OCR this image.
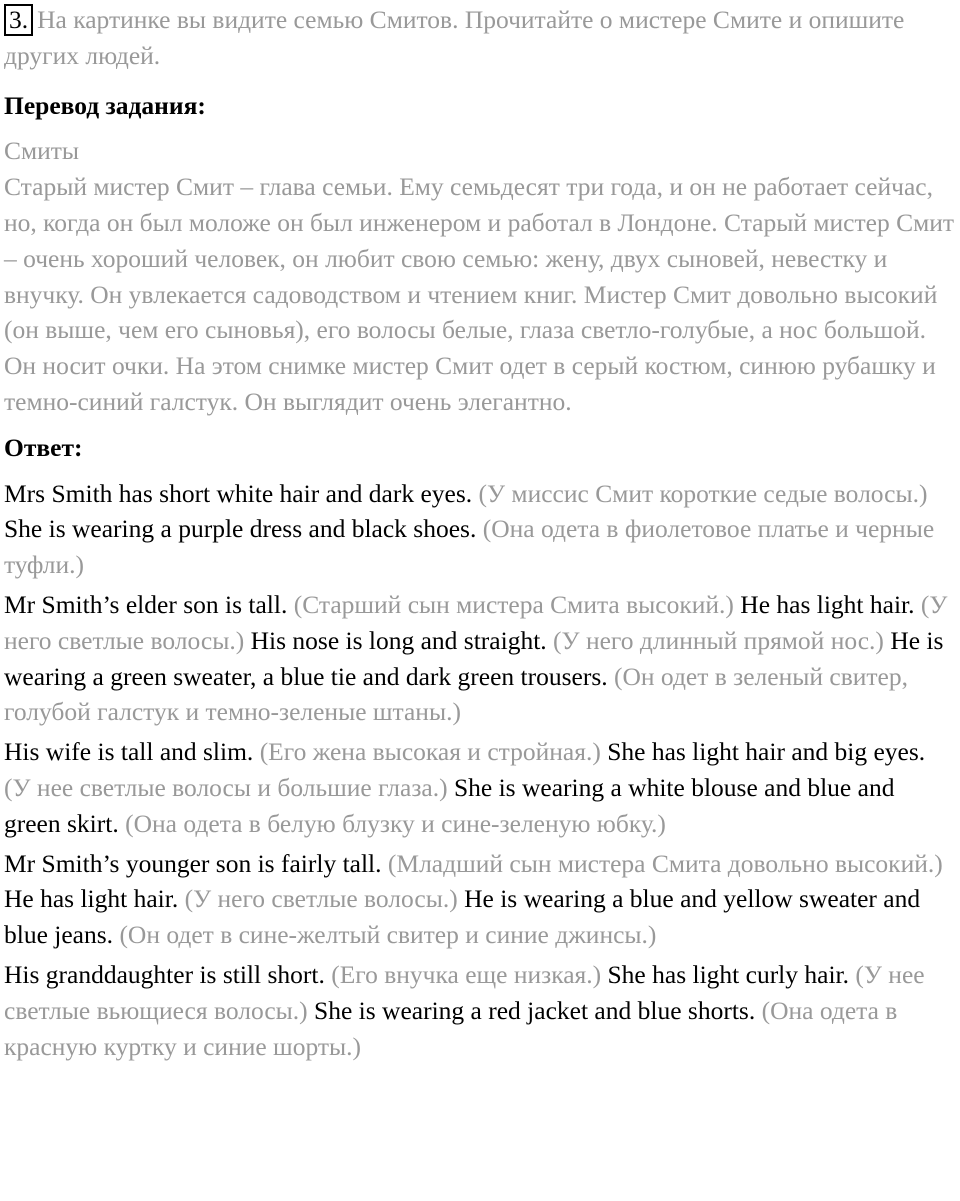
3. На картинке вы видите семью Смитов. Прочитайте о мистере Смите и опишите других людей.

Перевод задания:

Смиты

Старый мистер Смит – глава семьи. Ему семьдесят три года, и он не работает сейчас, но, когда он был моложе он был инженером и работал в Лондоне. Старый мистер Смит – очень хороший человек, он любит свою семью: жену, двух сыновей, невестку и внучку. Он увлекается садоводством и чтением книг. Мистер Смит довольно высокий (он выше, чем его сыновья), его волосы белые, глаза светло-голубые, а нос большой. Он носит очки. На этом снимке мистер Смит одет в серый костюм, синюю рубашку и темно-синий галстук. Он выглядит очень элегантно.

Ответ:

Mrs Smith has short white hair and dark eyes. (У миссис Смит короткие седые волосы.) She is wearing a purple dress and black shoes. (Она одета в фиолетовое платье и черные туфли.)

Mr Smith’s elder son is tall. (Старший сын мистера Смита высокий.) He has light hair. (У него светлые волосы.) His nose is long and straight. (У него длинный прямой нос.) He is wearing a green sweater, a blue tie and dark green trousers. (Он одет в зеленый свитер, голубой галстук и темно-зеленые штаны.)

His wife is tall and slim. (Его жена высокая и стройная.) She has light hair and big eyes. (У нее светлые волосы и большие глаза.) She is wearing a white blouse and blue and green skirt. (Она одета в белую блузку и сине-зеленую юбку.)

Mr Smith’s younger son is fairly tall. (Младший сын мистера Смита довольно высокий.) He has light hair. (У него светлые волосы.) He is wearing a blue and yellow sweater and blue jeans. (Он одет в сине-желтый свитер и синие джинсы.)

His granddaughter is still short. (Его внучка еще низкая.) She has light curly hair. (У нее светлые вьющиеся волосы.) She is wearing a red jacket and blue shorts. (Она одета в красную куртку и синие шорты.)
